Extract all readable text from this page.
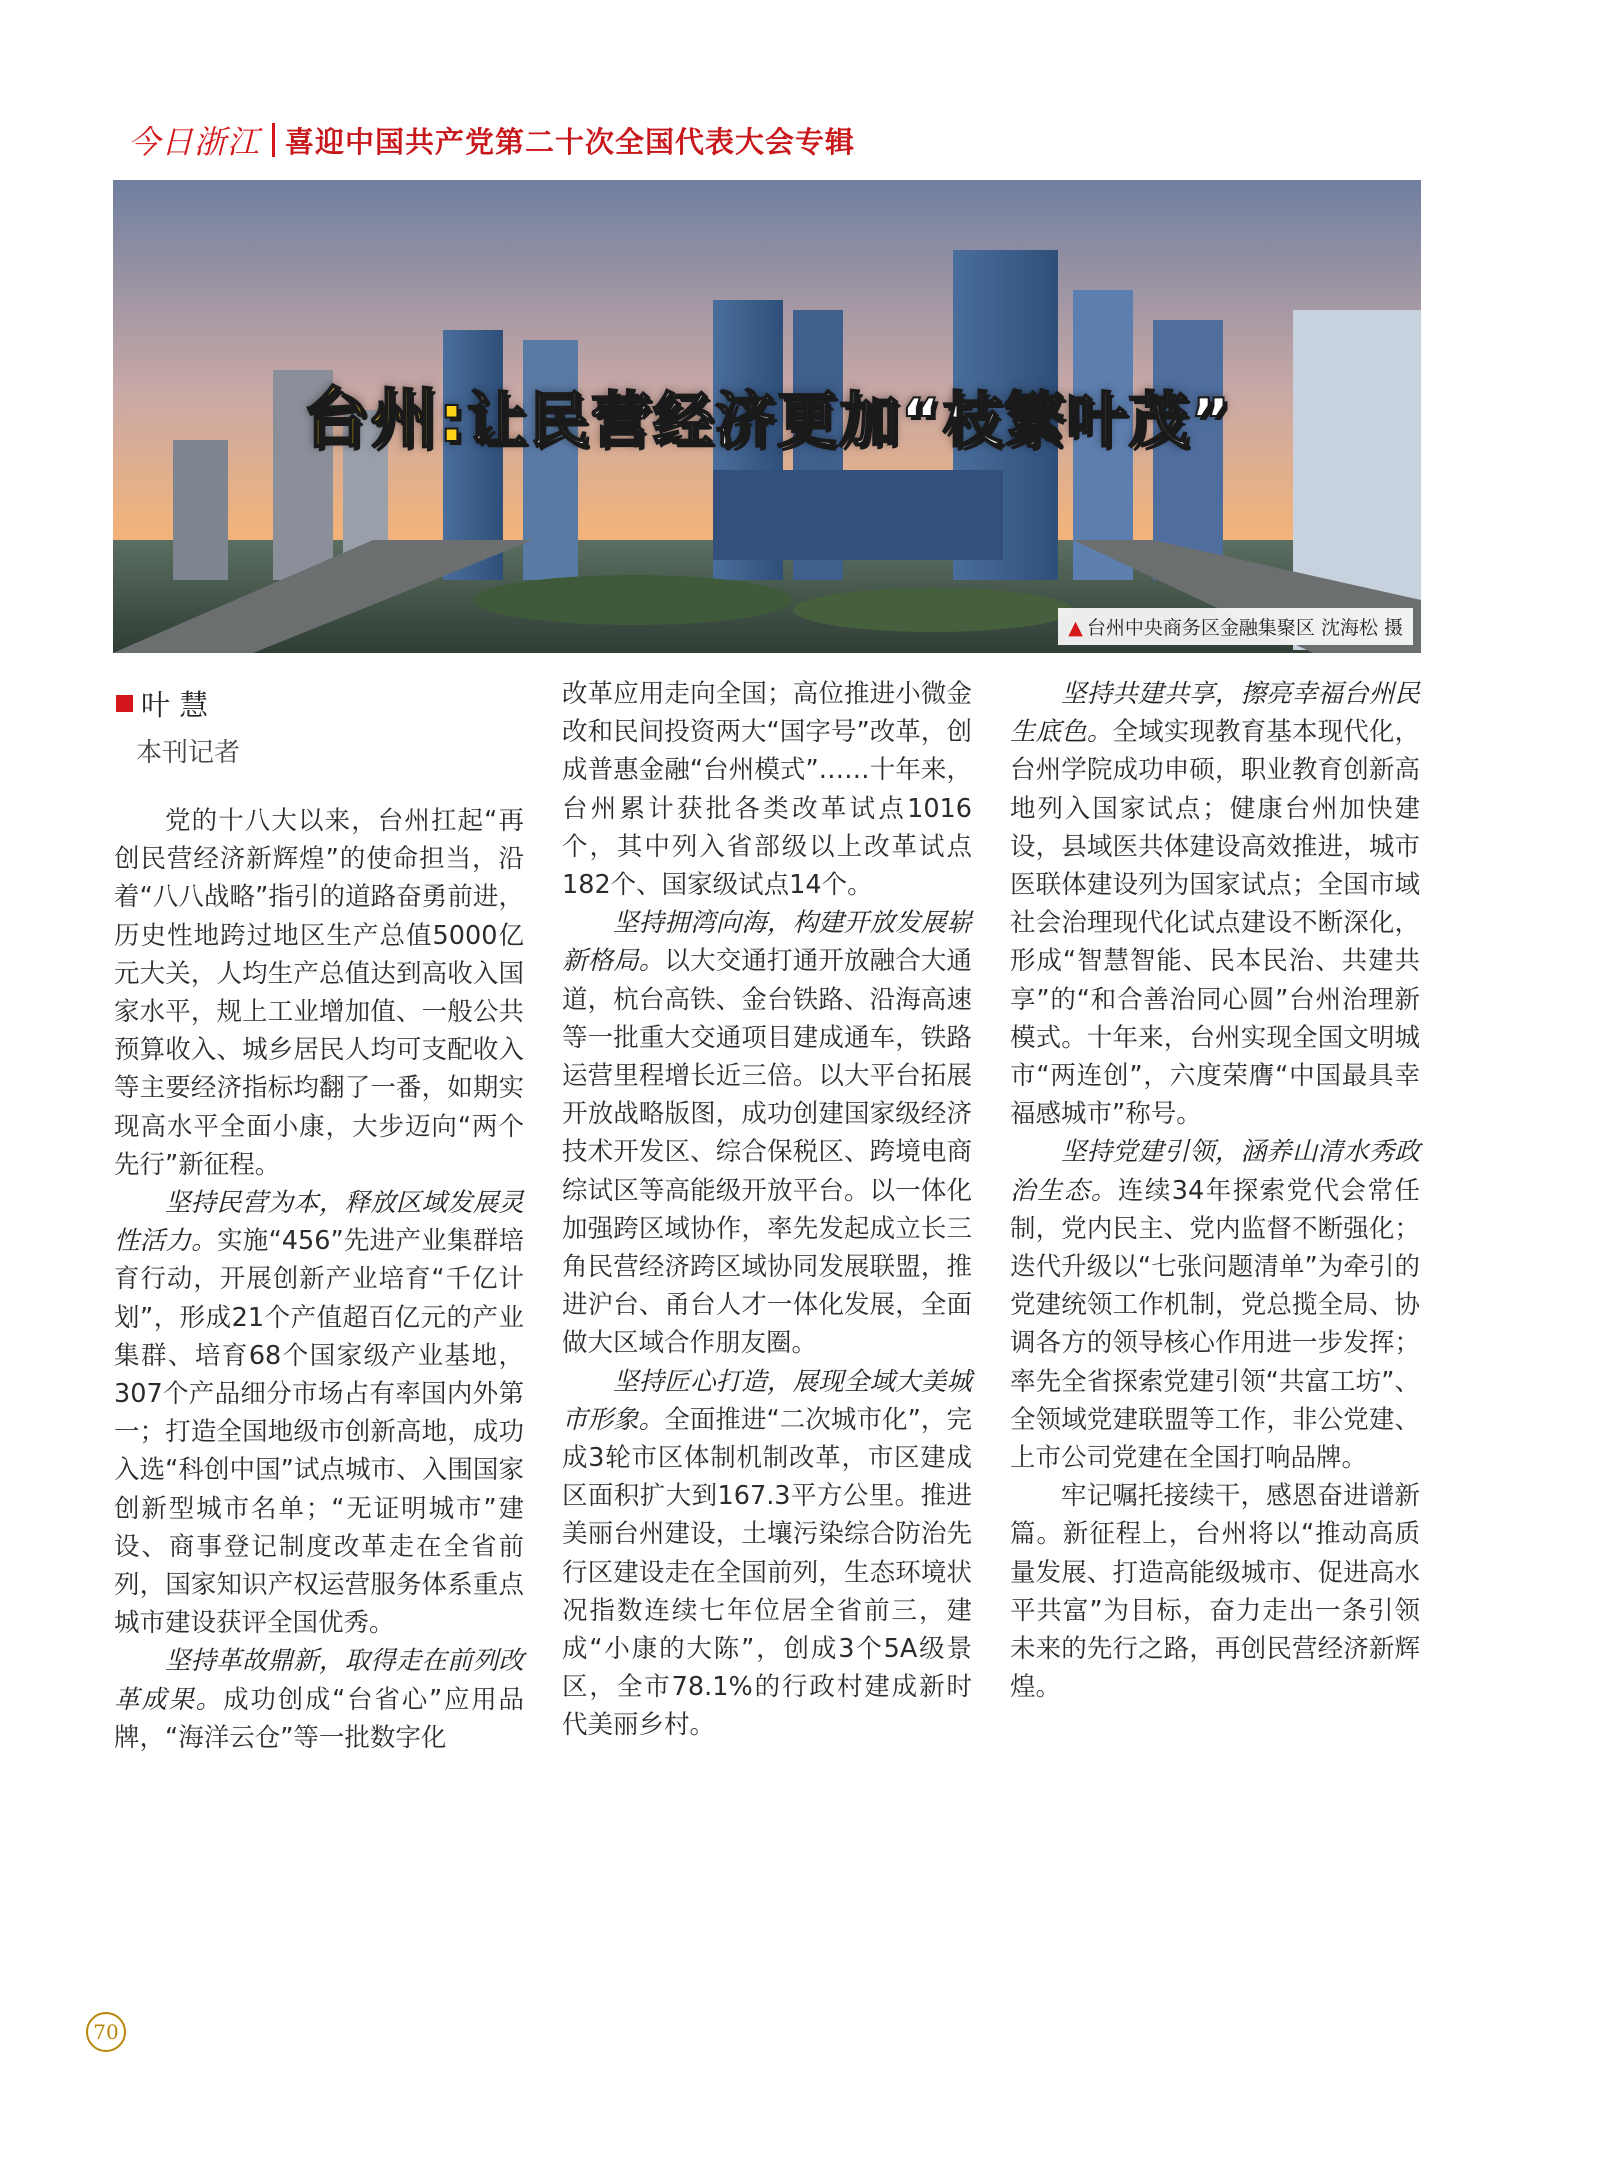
今日浙江 喜迎中国共产党第二十次全国代表大会专辑
台州:让民营经济更加“枝繁叶茂”
▲ 台州中央商务区金融集聚区 沈海松 摄
叶 慧
本刊记者

党的十八大以来，台州扛起“再创民营经济新辉煌”的使命担当，沿着“八八战略”指引的道路奋勇前进，历史性地跨过地区生产总值5000亿元大关，人均生产总值达到高收入国家水平，规上工业增加值、一般公共预算收入、城乡居民人均可支配收入等主要经济指标均翻了一番，如期实现高水平全面小康，大步迈向“两个先行”新征程。

坚持民营为本，释放区域发展灵性活力。实施“456”先进产业集群培育行动，开展创新产业培育“千亿计划”，形成21个产值超百亿元的产业集群、培育68个国家级产业基地，307个产品细分市场占有率国内外第一；打造全国地级市创新高地，成功入选“科创中国”试点城市、入围国家创新型城市名单；“无证明城市”建设、商事登记制度改革走在全省前列，国家知识产权运营服务体系重点城市建设获评全国优秀。

坚持革故鼎新，取得走在前列改革成果。成功创成“台省心”应用品牌，“海洋云仓”等一批数字化

改革应用走向全国；高位推进小微金改和民间投资两大“国字号”改革，创成普惠金融“台州模式”……十年来，台州累计获批各类改革试点1016个，其中列入省部级以上改革试点182个、国家级试点14个。

坚持拥湾向海，构建开放发展崭新格局。以大交通打通开放融合大通道，杭台高铁、金台铁路、沿海高速等一批重大交通项目建成通车，铁路运营里程增长近三倍。以大平台拓展开放战略版图，成功创建国家级经济技术开发区、综合保税区、跨境电商综试区等高能级开放平台。以一体化加强跨区域协作，率先发起成立长三角民营经济跨区域协同发展联盟，推进沪台、甬台人才一体化发展，全面做大区域合作朋友圈。

坚持匠心打造，展现全域大美城市形象。全面推进“二次城市化”，完成3轮市区体制机制改革，市区建成区面积扩大到167.3平方公里。推进美丽台州建设，土壤污染综合防治先行区建设走在全国前列，生态环境状况指数连续七年位居全省前三，建成“小康的大陈”，创成3个5A级景区，全市78.1%的行政村建成新时代美丽乡村。

坚持共建共享，擦亮幸福台州民生底色。全域实现教育基本现代化，台州学院成功申硕，职业教育创新高地列入国家试点；健康台州加快建设，县域医共体建设高效推进，城市医联体建设列为国家试点；全国市域社会治理现代化试点建设不断深化，形成“智慧智能、民本民治、共建共享”的“和合善治同心圆”台州治理新模式。十年来，台州实现全国文明城市“两连创”，六度荣膺“中国最具幸福感城市”称号。

坚持党建引领，涵养山清水秀政治生态。连续34年探索党代会常任制，党内民主、党内监督不断强化；迭代升级以“七张问题清单”为牵引的党建统领工作机制，党总揽全局、协调各方的领导核心作用进一步发挥；率先全省探索党建引领“共富工坊”、全领域党建联盟等工作，非公党建、上市公司党建在全国打响品牌。

牢记嘱托接续干，感恩奋进谱新篇。新征程上，台州将以“推动高质量发展、打造高能级城市、促进高水平共富”为目标，奋力走出一条引领未来的先行之路，再创民营经济新辉煌。

70
